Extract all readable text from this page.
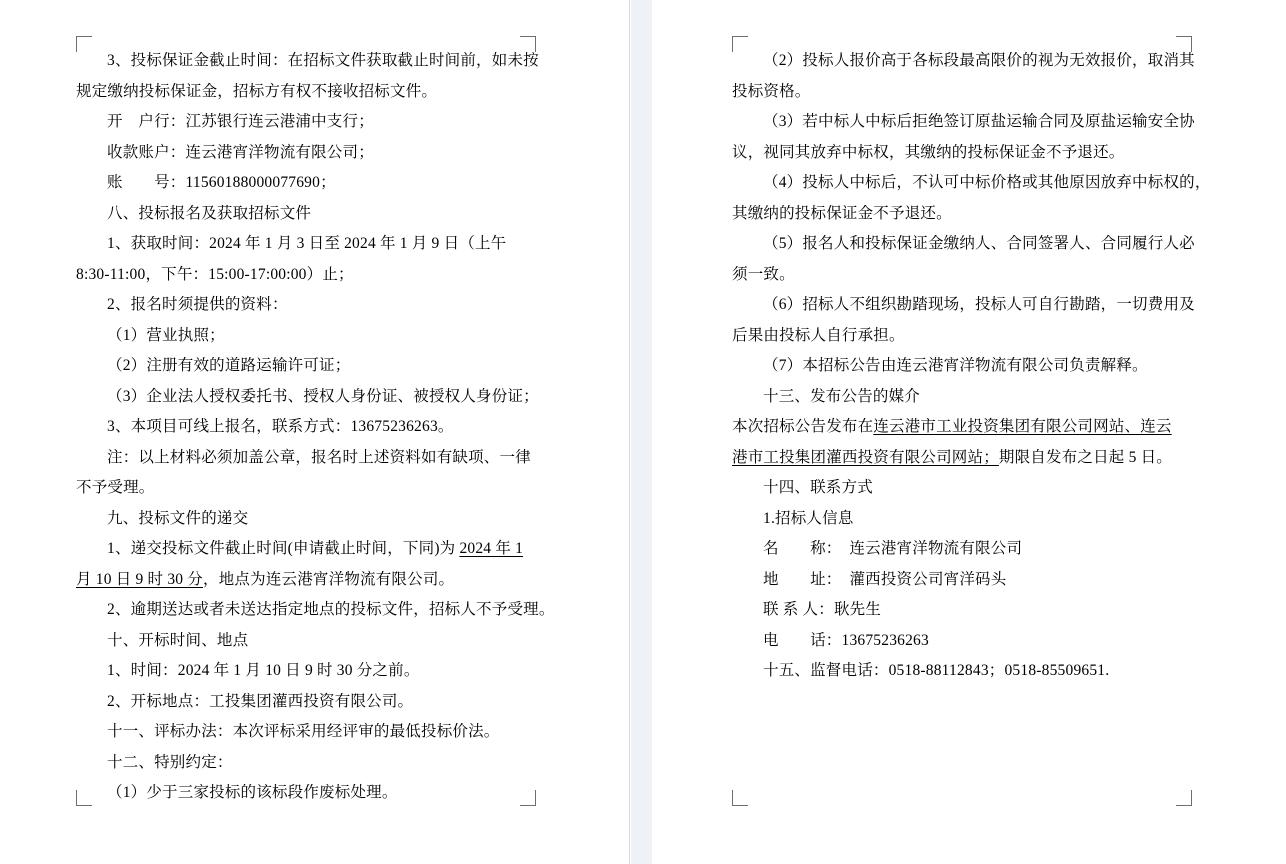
3、投标保证金截止时间：在招标文件获取截止时间前，如未按

规定缴纳投标保证金，招标方有权不接收招标文件。

开　户行：江苏银行连云港浦中支行；

收款账户：连云港宵洋物流有限公司；

账　　号：11560188000077690；

八、投标报名及获取招标文件

1、获取时间：2024 年 1 月 3 日至 2024 年 1 月 9 日（上午

8:30-11:00，下午：15:00-17:00:00）止；

2、报名时须提供的资料：

（1）营业执照；

（2）注册有效的道路运输许可证；

（3）企业法人授权委托书、授权人身份证、被授权人身份证；

3、本项目可线上报名，联系方式：13675236263。

注：以上材料必须加盖公章，报名时上述资料如有缺项、一律

不予受理。

九、投标文件的递交

1、递交投标文件截止时间(申请截止时间，下同)为 2024 年 1

月 10 日 9 时 30 分，地点为连云港宵洋物流有限公司。

2、逾期送达或者未送达指定地点的投标文件，招标人不予受理。

十、开标时间、地点

1、时间：2024 年 1 月 10 日 9 时 30 分之前。

2、开标地点：工投集团灌西投资有限公司。

十一、评标办法：本次评标采用经评审的最低投标价法。

十二、特别约定：

（1）少于三家投标的该标段作废标处理。

（2）投标人报价高于各标段最高限价的视为无效报价，取消其

投标资格。

（3）若中标人中标后拒绝签订原盐运输合同及原盐运输安全协

议，视同其放弃中标权，其缴纳的投标保证金不予退还。

（4）投标人中标后，不认可中标价格或其他原因放弃中标权的，

其缴纳的投标保证金不予退还。

（5）报名人和投标保证金缴纳人、合同签署人、合同履行人必

须一致。

（6）招标人不组织勘踏现场，投标人可自行勘踏，一切费用及

后果由投标人自行承担。

（7）本招标公告由连云港宵洋物流有限公司负责解释。

十三、发布公告的媒介

本次招标公告发布在连云港市工业投资集团有限公司网站、连云

港市工投集团灌西投资有限公司网站；期限自发布之日起 5 日。

十四、联系方式

1.招标人信息

名　　称：　连云港宵洋物流有限公司

地　　址：　灌西投资公司宵洋码头

联 系 人：耿先生

电　　话：13675236263

十五、监督电话：0518-88112843；0518-85509651.
